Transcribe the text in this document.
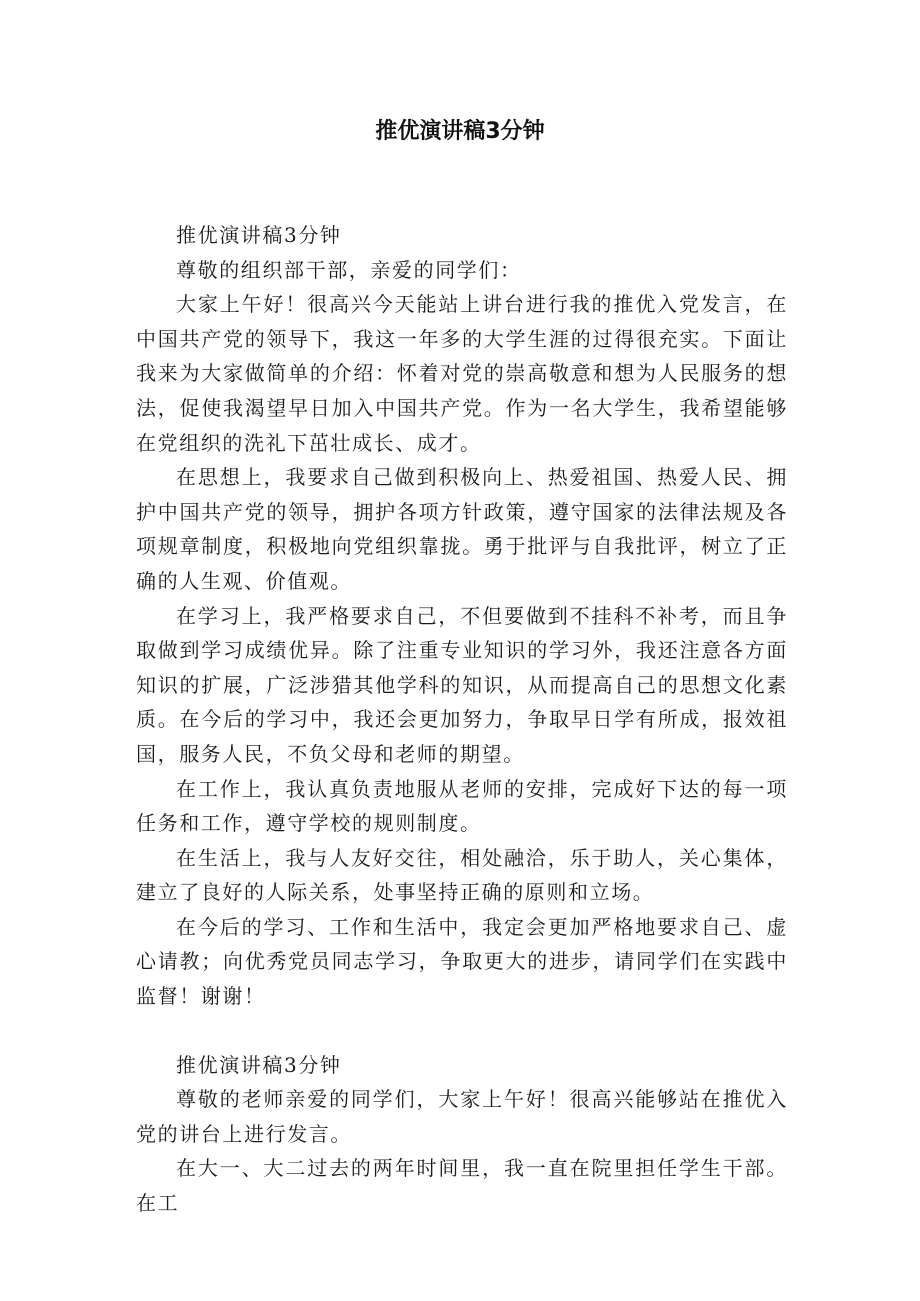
推优演讲稿3分钟

推优演讲稿3分钟

尊敬的组织部干部，亲爱的同学们：

大家上午好！很高兴今天能站上讲台进行我的推优入党发言，在中国共产党的领导下，我这一年多的大学生涯的过得很充实。下面让我来为大家做简单的介绍：怀着对党的崇高敬意和想为人民服务的想法，促使我渴望早日加入中国共产党。作为一名大学生，我希望能够在党组织的洗礼下茁壮成长、成才。

在思想上，我要求自己做到积极向上、热爱祖国、热爱人民、拥护中国共产党的领导，拥护各项方针政策，遵守国家的法律法规及各项规章制度，积极地向党组织靠拢。勇于批评与自我批评，树立了正确的人生观、价值观。

在学习上，我严格要求自己，不但要做到不挂科不补考，而且争取做到学习成绩优异。除了注重专业知识的学习外，我还注意各方面知识的扩展，广泛涉猎其他学科的知识，从而提高自己的思想文化素质。在今后的学习中，我还会更加努力，争取早日学有所成，报效祖国，服务人民，不负父母和老师的期望。

在工作上，我认真负责地服从老师的安排，完成好下达的每一项任务和工作，遵守学校的规则制度。

在生活上，我与人友好交往，相处融洽，乐于助人，关心集体，建立了良好的人际关系，处事坚持正确的原则和立场。

在今后的学习、工作和生活中，我定会更加严格地要求自己、虚心请教；向优秀党员同志学习，争取更大的进步，请同学们在实践中监督！谢谢！

推优演讲稿3分钟

尊敬的老师亲爱的同学们，大家上午好！很高兴能够站在推优入党的讲台上进行发言。

在大一、大二过去的两年时间里，我一直在院里担任学生干部。在工
